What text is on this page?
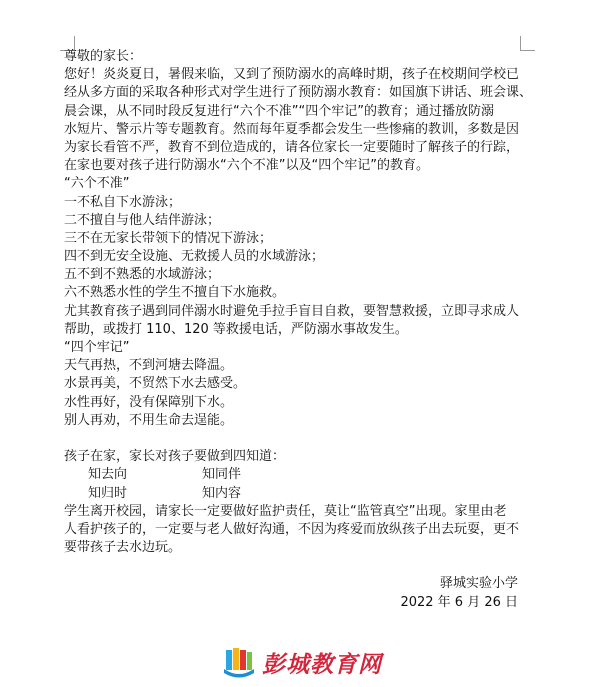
尊敬的家长：
您好！炎炎夏日，暑假来临，又到了预防溺水的高峰时期，孩子在校期间学校已
经从多方面的采取各种形式对学生进行了预防溺水教育：如国旗下讲话、班会课、
晨会课，从不同时段反复进行“六个不准”“四个牢记”的教育；通过播放防溺
水短片、警示片等专题教育。然而每年夏季都会发生一些惨痛的教训，多数是因
为家长看管不严，教育不到位造成的，请各位家长一定要随时了解孩子的行踪，
在家也要对孩子进行防溺水“六个不准”以及“四个牢记”的教育。
“六个不准”
一不私自下水游泳；
二不擅自与他人结伴游泳；
三不在无家长带领下的情况下游泳；
四不到无安全设施、无救援人员的水域游泳；
五不到不熟悉的水域游泳；
六不熟悉水性的学生不擅自下水施救。
尤其教育孩子遇到同伴溺水时避免手拉手盲目自救，要智慧救援，立即寻求成人
帮助，或拨打 110、120 等救援电话，严防溺水事故发生。
“四个牢记”
天气再热，不到河塘去降温。
水景再美，不贸然下水去感受。
水性再好，没有保障别下水。
别人再劝，不用生命去逞能。
孩子在家，家长对孩子要做到四知道：
知去向	知同伴
知归时	知内容
学生离开校园，请家长一定要做好监护责任，莫让“监管真空”出现。家里由老
人看护孩子的，一定要与老人做好沟通，不因为疼爱而放纵孩子出去玩耍，更不
要带孩子去水边玩。
驿城实验小学
2022 年 6 月 26 日
彭城教育网
